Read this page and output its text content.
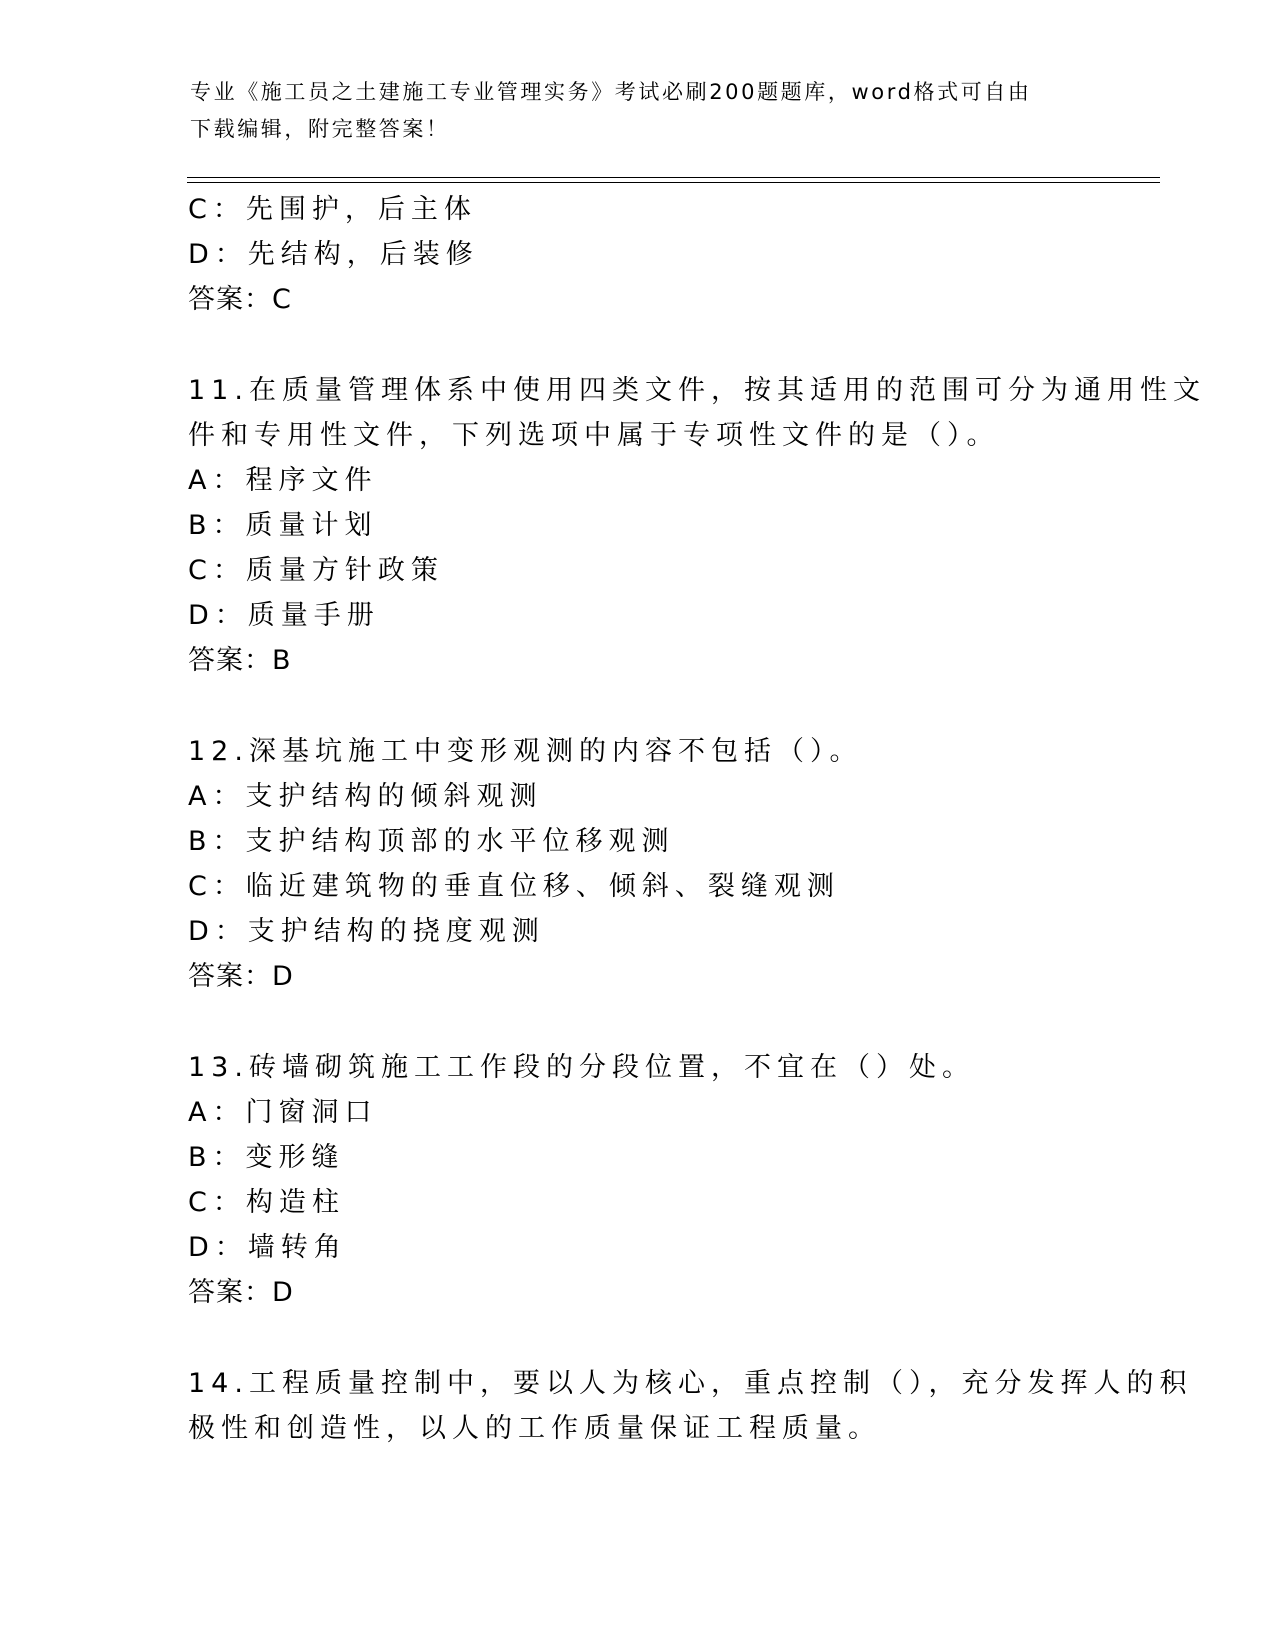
专业《施工员之土建施工专业管理实务》考试必刷200题题库，word格式可自由
下载编辑，附完整答案！
C：先围护，后主体
D：先结构，后装修
答案：C
11.在质量管理体系中使用四类文件，按其适用的范围可分为通用性文
件和专用性文件，下列选项中属于专项性文件的是（）。
A：程序文件
B：质量计划
C：质量方针政策
D：质量手册
答案：B
12.深基坑施工中变形观测的内容不包括（）。
A：支护结构的倾斜观测
B：支护结构顶部的水平位移观测
C：临近建筑物的垂直位移、倾斜、裂缝观测
D：支护结构的挠度观测
答案：D
13.砖墙砌筑施工工作段的分段位置，不宜在（）处。
A：门窗洞口
B：变形缝
C：构造柱
D：墙转角
答案：D
14.工程质量控制中，要以人为核心，重点控制（），充分发挥人的积
极性和创造性，以人的工作质量保证工程质量。
